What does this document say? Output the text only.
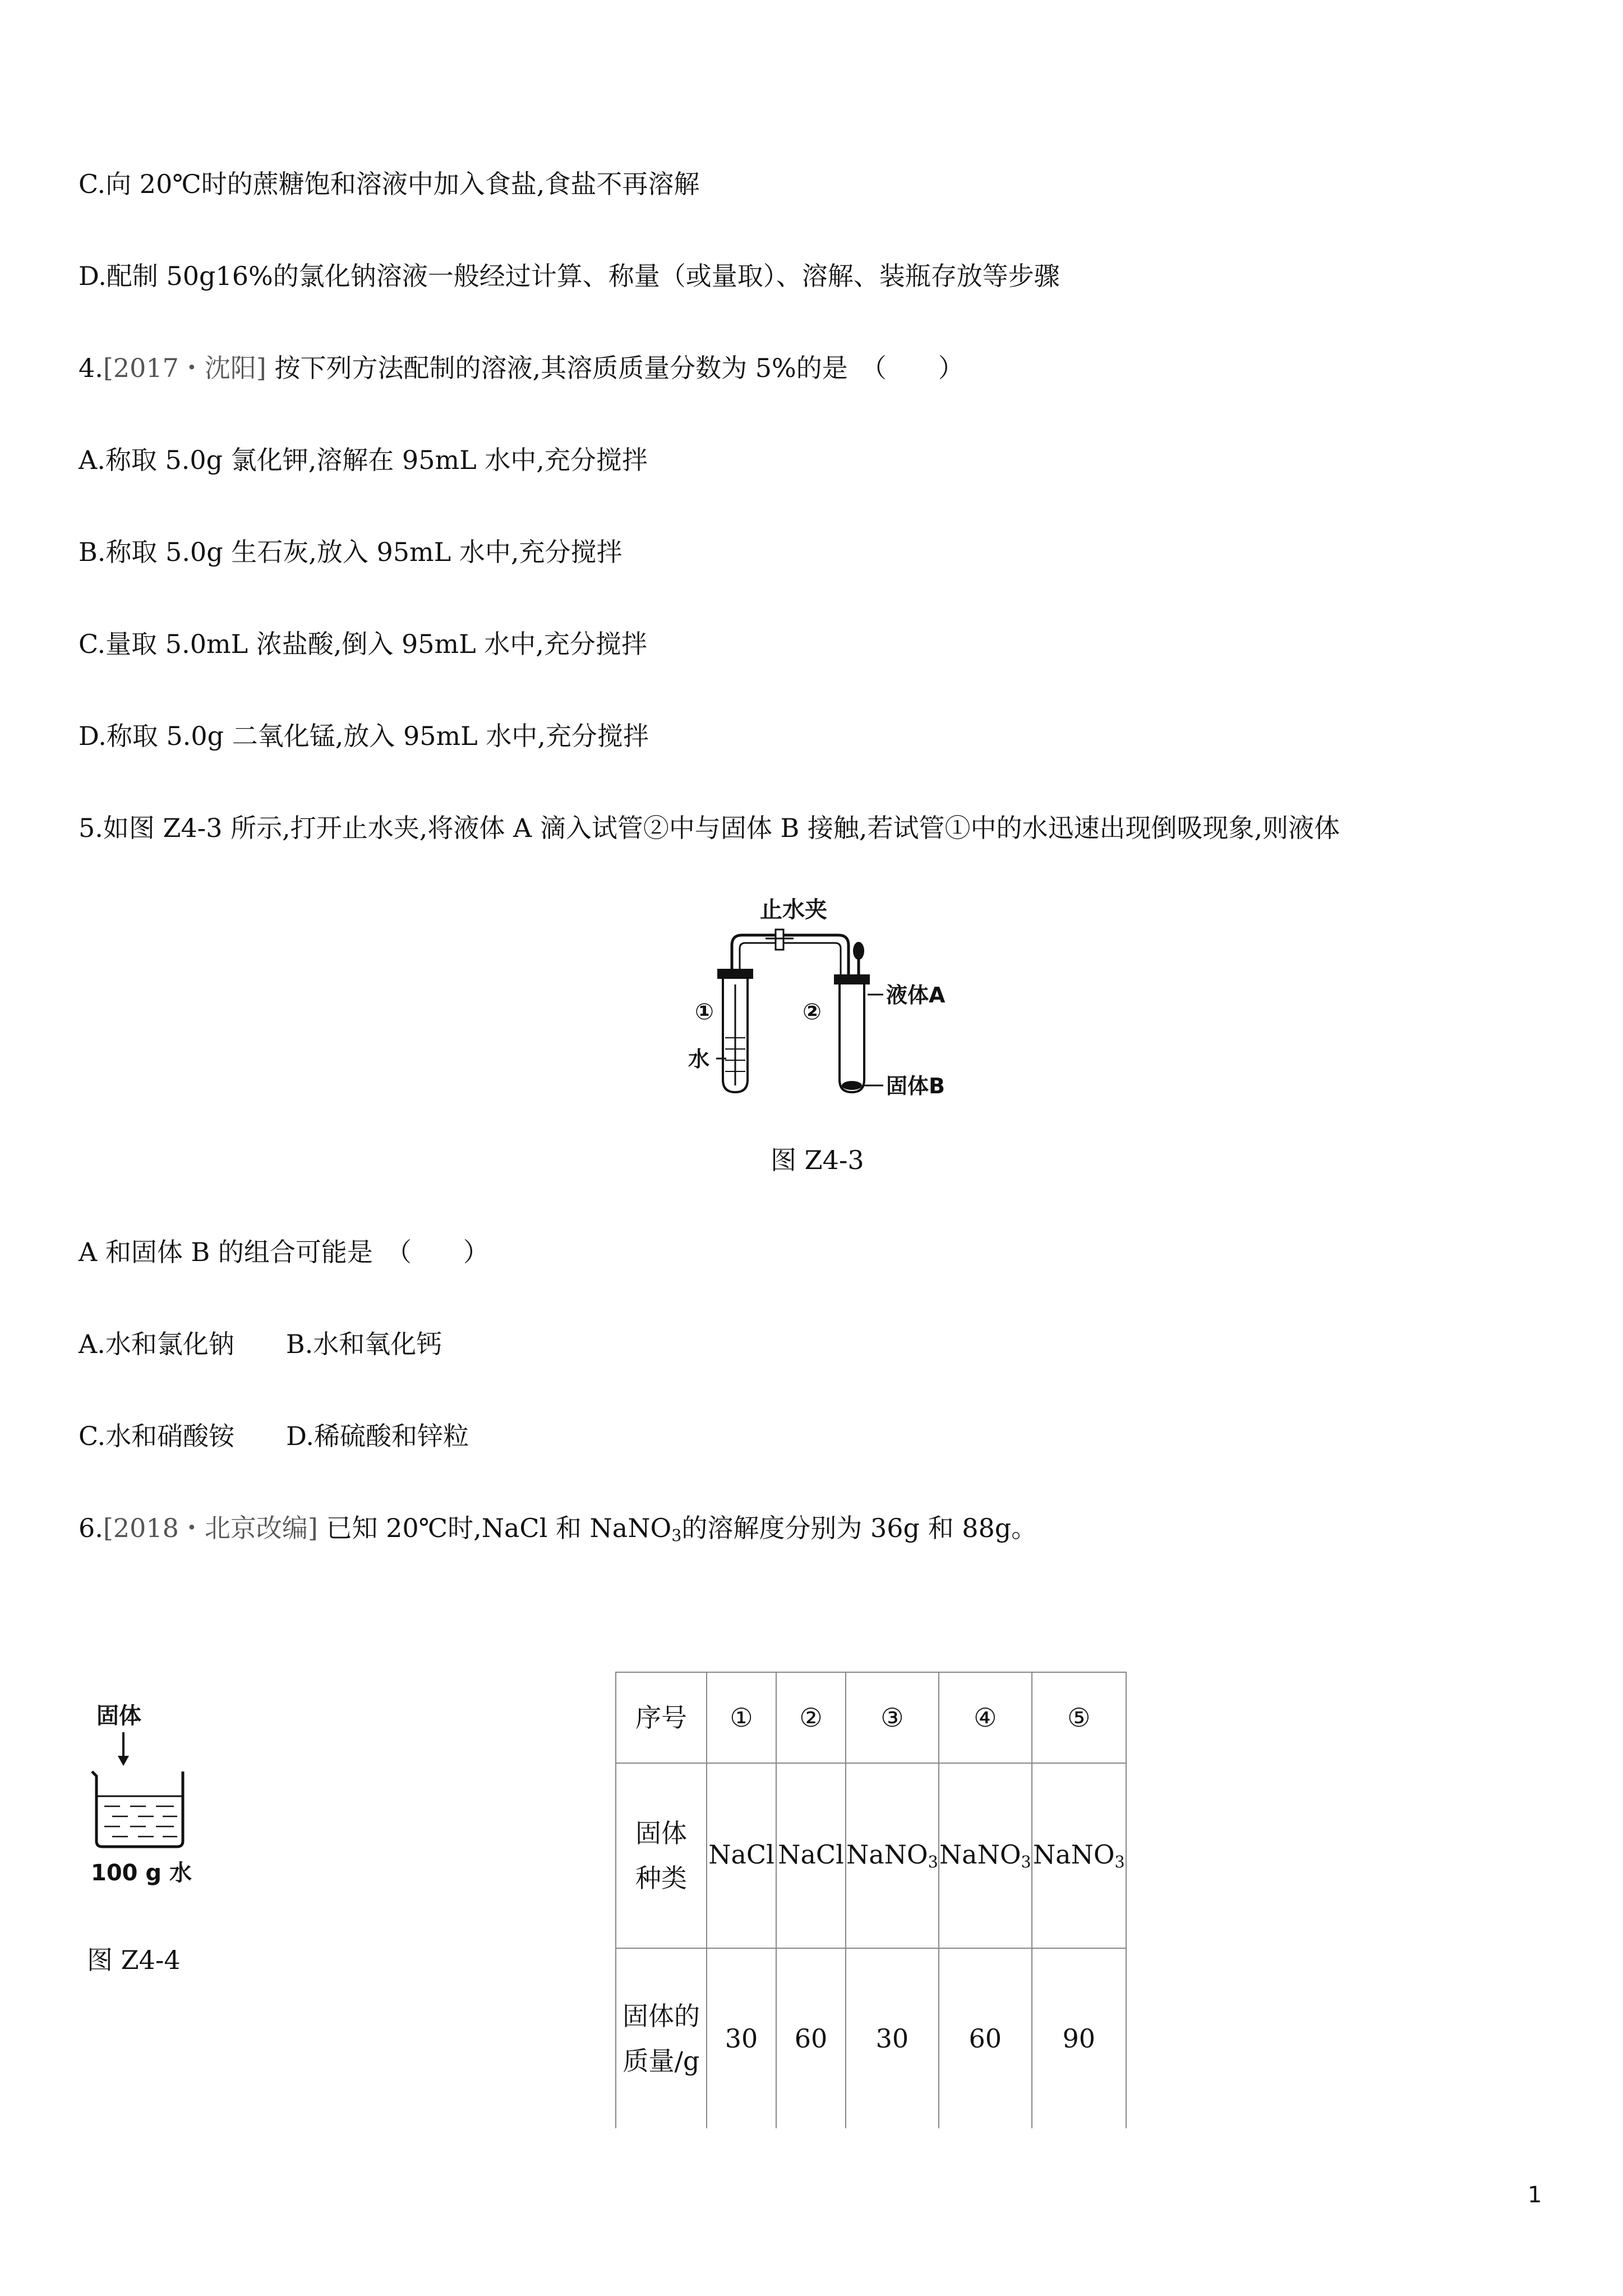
C.向 20℃时的蔗糖饱和溶液中加入食盐,食盐不再溶解
D.配制 50g16%的氯化钠溶液一般经过计算、称量（或量取）、溶解、装瓶存放等步骤
4.[2017・沈阳] 按下列方法配制的溶液,其溶质质量分数为 5%的是　（　　）
A.称取 5.0g 氯化钾,溶解在 95mL 水中,充分搅拌
B.称取 5.0g 生石灰,放入 95mL 水中,充分搅拌
C.量取 5.0mL 浓盐酸,倒入 95mL 水中,充分搅拌
D.称取 5.0g 二氧化锰,放入 95mL 水中,充分搅拌
5.如图 Z4-3 所示,打开止水夹,将液体 A 滴入试管②中与固体 B 接触,若试管①中的水迅速出现倒吸现象,则液体
止水夹
①	②
水
液体A
固体B
图 Z4-3
A 和固体 B 的组合可能是　（　　）
A.水和氯化钠　　B.水和氧化钙
C.水和硝酸铵　　D.稀硫酸和锌粒
6.[2018・北京改编] 已知 20℃时,NaCl 和 NaNO$_3$的溶解度分别为 36g 和 88g。
固体
100 g 水
图 Z4-4
序号	①	②	③	④	⑤

固体
种类	NaCl	NaCl	NaNO$_3$	NaNO$_3$	NaNO$_3$

固体的
质量/g	30	60	30	60	90
1
